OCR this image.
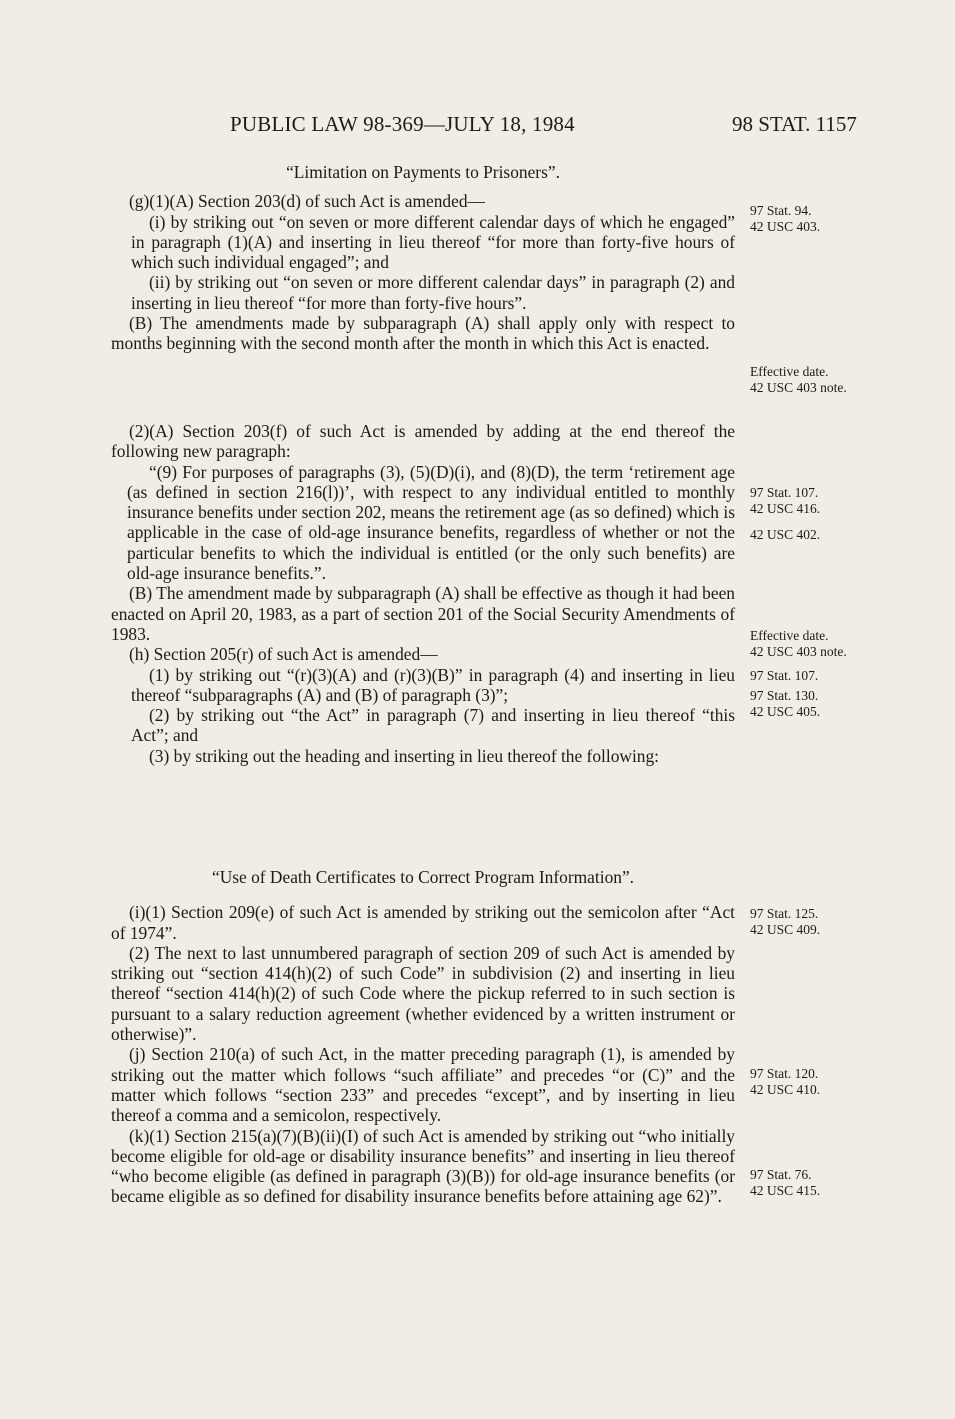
PUBLIC LAW 98-369—JULY 18, 1984	98 STAT. 1157

“Limitation on Payments to Prisoners”.

(g)(1)(A) Section 203(d) of such Act is amended—

(i) by striking out “on seven or more different calendar days of which he engaged” in paragraph (1)(A) and inserting in lieu thereof “for more than forty-five hours of which such individual engaged”; and

(ii) by striking out “on seven or more different calendar days” in paragraph (2) and inserting in lieu thereof “for more than forty-five hours”.

(B) The amendments made by subparagraph (A) shall apply only with respect to months beginning with the second month after the month in which this Act is enacted.

(2)(A) Section 203(f) of such Act is amended by adding at the end thereof the following new paragraph:

“(9) For purposes of paragraphs (3), (5)(D)(i), and (8)(D), the term ‘retirement age (as defined in section 216(l))’, with respect to any individual entitled to monthly insurance benefits under section 202, means the retirement age (as so defined) which is applicable in the case of old-age insurance benefits, regardless of whether or not the particular benefits to which the individual is entitled (or the only such benefits) are old-age insurance benefits.”.

(B) The amendment made by subparagraph (A) shall be effective as though it had been enacted on April 20, 1983, as a part of section 201 of the Social Security Amendments of 1983.

(h) Section 205(r) of such Act is amended—

(1) by striking out “(r)(3)(A) and (r)(3)(B)” in paragraph (4) and inserting in lieu thereof “subparagraphs (A) and (B) of paragraph (3)”;

(2) by striking out “the Act” in paragraph (7) and inserting in lieu thereof “this Act”; and

(3) by striking out the heading and inserting in lieu thereof the following:

“Use of Death Certificates to Correct Program Information”.

(i)(1) Section 209(e) of such Act is amended by striking out the semicolon after “Act of 1974”.

(2) The next to last unnumbered paragraph of section 209 of such Act is amended by striking out “section 414(h)(2) of such Code” in subdivision (2) and inserting in lieu thereof “section 414(h)(2) of such Code where the pickup referred to in such section is pursuant to a salary reduction agreement (whether evidenced by a written instrument or otherwise)”.

(j) Section 210(a) of such Act, in the matter preceding paragraph (1), is amended by striking out the matter which follows “such affiliate” and precedes “or (C)” and the matter which follows “section 233” and precedes “except”, and by inserting in lieu thereof a comma and a semicolon, respectively.

(k)(1) Section 215(a)(7)(B)(ii)(I) of such Act is amended by striking out “who initially become eligible for old-age or disability insurance benefits” and inserting in lieu thereof “who become eligible (as defined in paragraph (3)(B)) for old-age insurance benefits (or became eligible as so defined for disability insurance benefits before attaining age 62)”.

97 Stat. 94.
42 USC 403.
Effective date.
42 USC 403 note.
97 Stat. 107.
42 USC 416.
42 USC 402.
Effective date.
42 USC 403 note.
97 Stat. 107.
97 Stat. 130.
42 USC 405.
97 Stat. 125.
42 USC 409.
97 Stat. 120.
42 USC 410.
97 Stat. 76.
42 USC 415.
